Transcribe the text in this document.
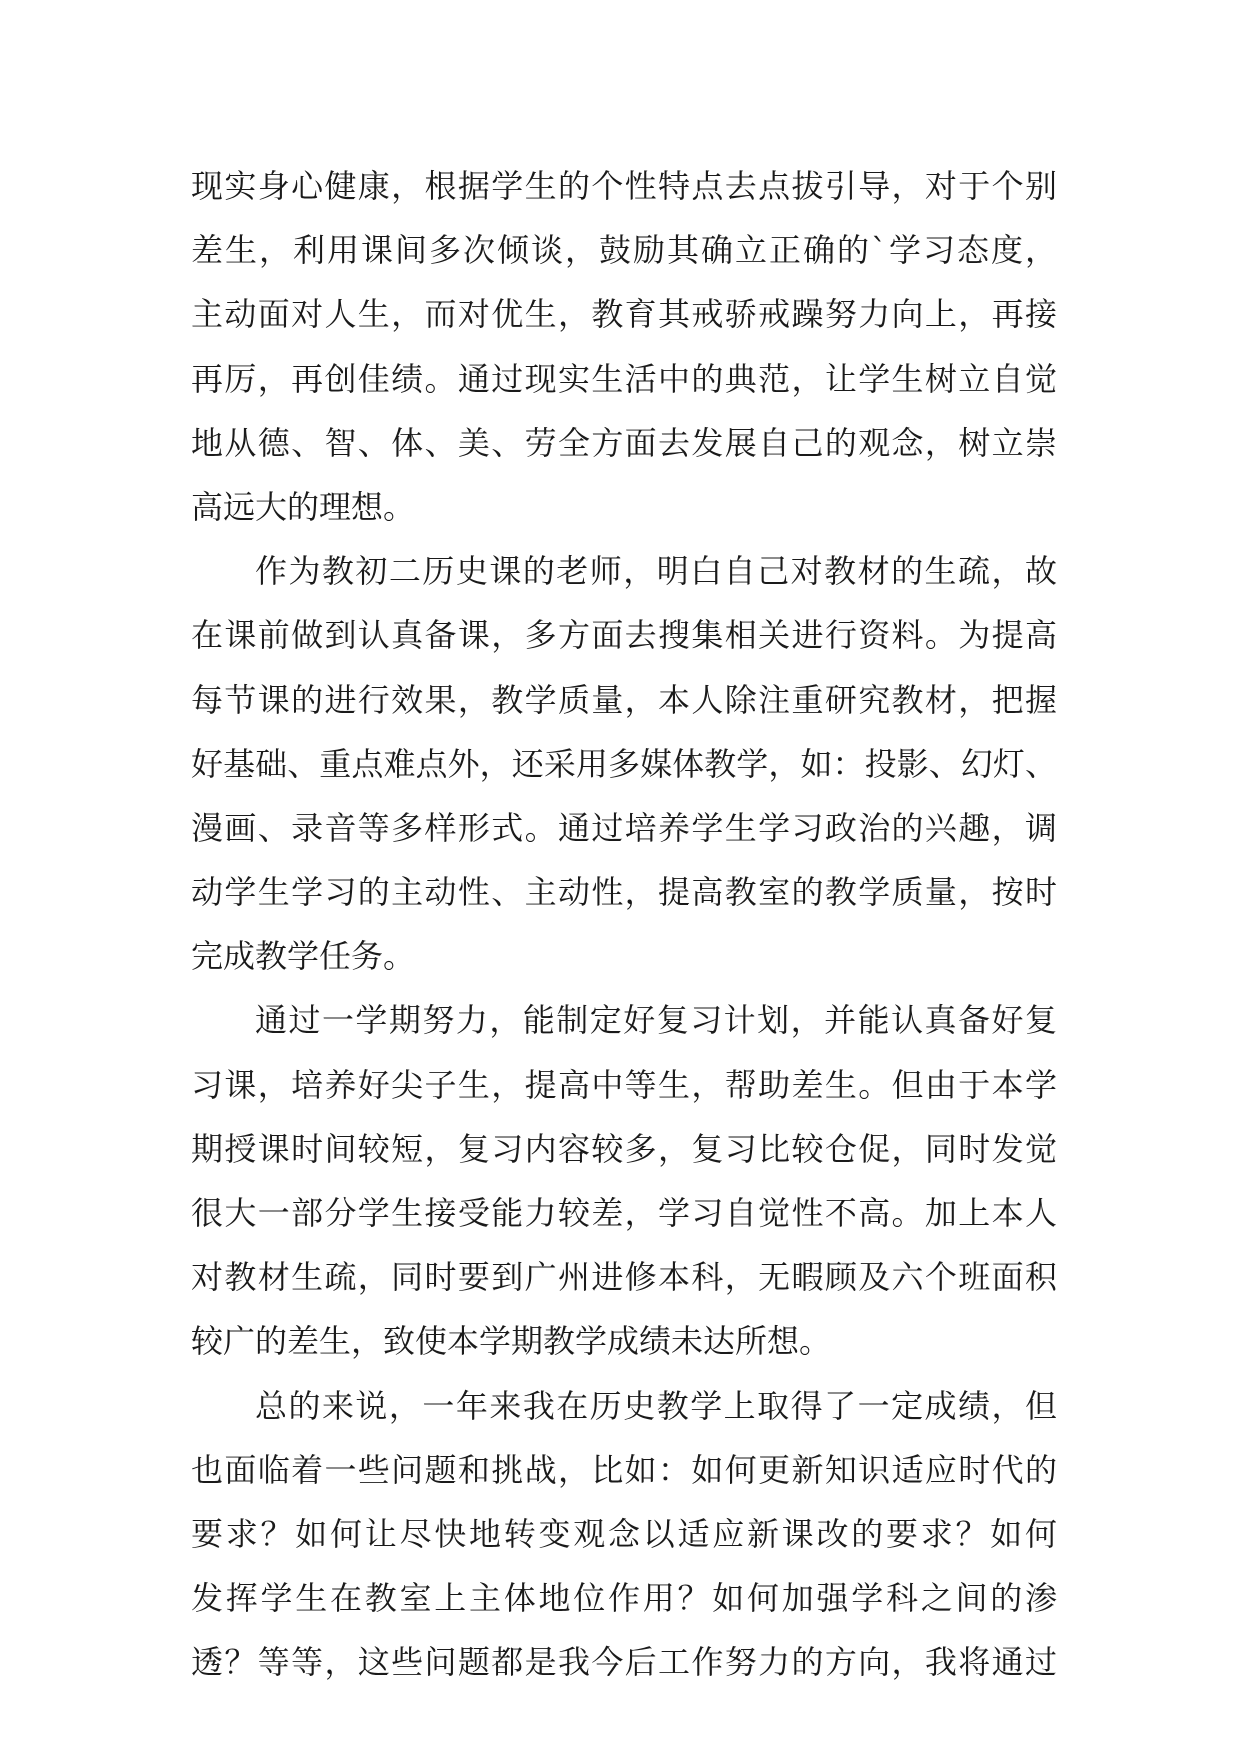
现实身心健康，根据学生的个性特点去点拔引导，对于个别
差生，利用课间多次倾谈，鼓励其确立正确的`学习态度，
主动面对人生，而对优生，教育其戒骄戒躁努力向上，再接
再厉，再创佳绩。通过现实生活中的典范，让学生树立自觉
地从德、智、体、美、劳全方面去发展自己的观念，树立崇
高远大的理想。
作为教初二历史课的老师，明白自己对教材的生疏，故
在课前做到认真备课，多方面去搜集相关进行资料。为提高
每节课的进行效果，教学质量，本人除注重研究教材，把握
好基础、重点难点外，还采用多媒体教学，如：投影、幻灯、
漫画、录音等多样形式。通过培养学生学习政治的兴趣，调
动学生学习的主动性、主动性，提高教室的教学质量，按时
完成教学任务。
通过一学期努力，能制定好复习计划，并能认真备好复
习课，培养好尖子生，提高中等生，帮助差生。但由于本学
期授课时间较短，复习内容较多，复习比较仓促，同时发觉
很大一部分学生接受能力较差，学习自觉性不高。加上本人
对教材生疏，同时要到广州进修本科，无暇顾及六个班面积
较广的差生，致使本学期教学成绩未达所想。
总的来说，一年来我在历史教学上取得了一定成绩，但
也面临着一些问题和挑战，比如：如何更新知识适应时代的
要求？如何让尽快地转变观念以适应新课改的要求？如何
发挥学生在教室上主体地位作用？如何加强学科之间的渗
透？等等，这些问题都是我今后工作努力的方向，我将通过
